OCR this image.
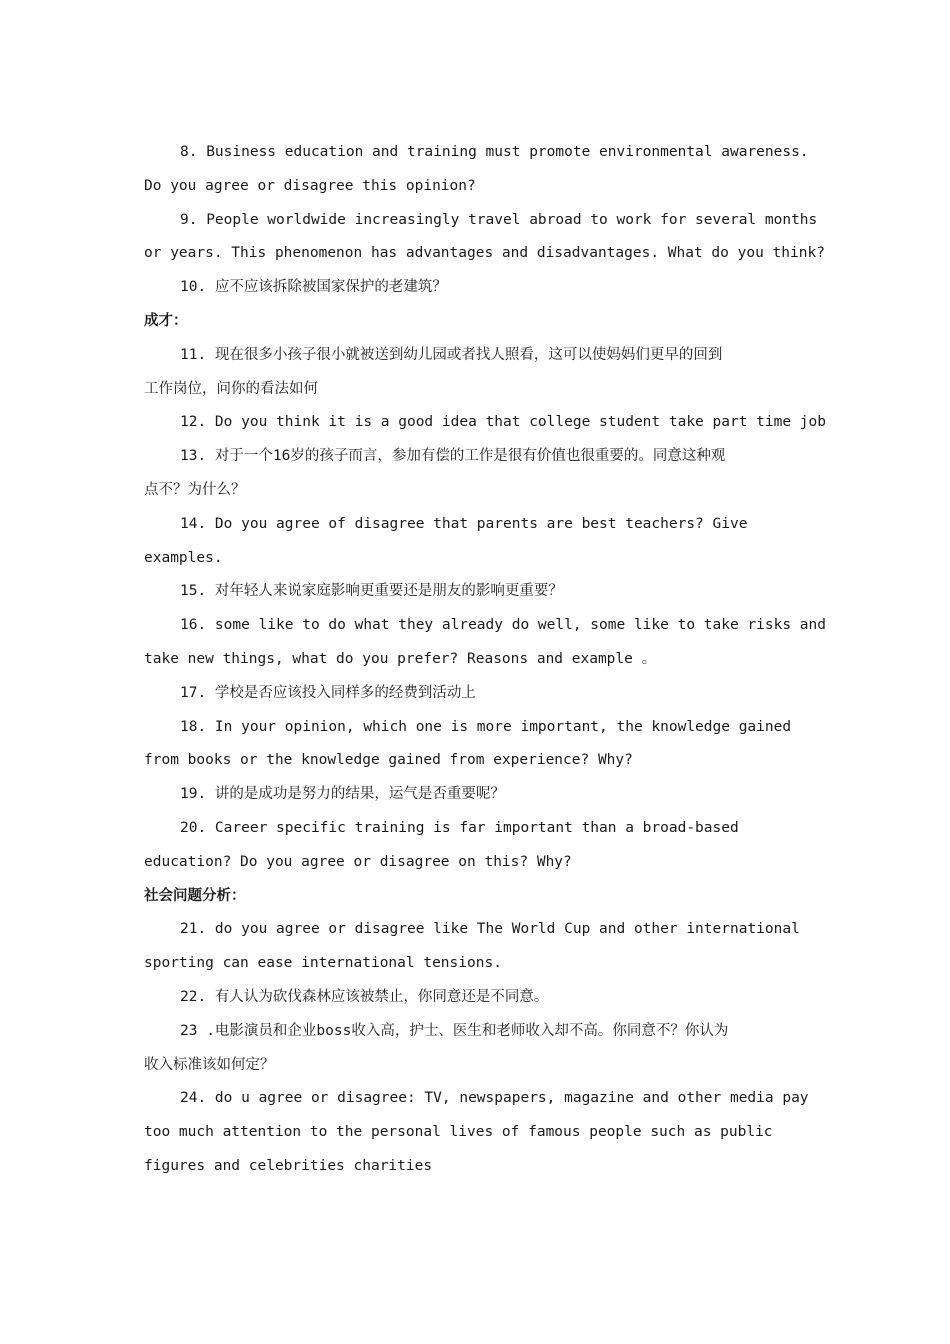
8. Business education and training must promote environmental awareness.
Do you agree or disagree this opinion?
9. People worldwide increasingly travel abroad to work for several months
or years. This phenomenon has advantages and disadvantages. What do you think?
10. 应不应该拆除被国家保护的老建筑？
成才：
11. 现在很多小孩子很小就被送到幼儿园或者找人照看，这可以使妈妈们更早的回到
工作岗位，问你的看法如何
12. Do you think it is a good idea that college student take part time job
13. 对于一个16岁的孩子而言，参加有偿的工作是很有价值也很重要的。同意这种观
点不？为什么？
14. Do you agree of disagree that parents are best teachers? Give
examples.
15. 对年轻人来说家庭影响更重要还是朋友的影响更重要？
16. some like to do what they already do well, some like to take risks and
take new things, what do you prefer? Reasons and example 。
17. 学校是否应该投入同样多的经费到活动上
18. In your opinion, which one is more important, the knowledge gained
from books or the knowledge gained from experience? Why?
19. 讲的是成功是努力的结果，运气是否重要呢？
20. Career specific training is far important than a broad-based
education? Do you agree or disagree on this? Why?
社会问题分析：
21. do you agree or disagree like The World Cup and other international
sporting can ease international tensions.
22. 有人认为砍伐森林应该被禁止，你同意还是不同意。
23 .电影演员和企业boss收入高，护士、医生和老师收入却不高。你同意不？你认为
收入标准该如何定？
24. do u agree or disagree: TV, newspapers, magazine and other media pay
too much attention to the personal lives of famous people such as public
figures and celebrities charities
